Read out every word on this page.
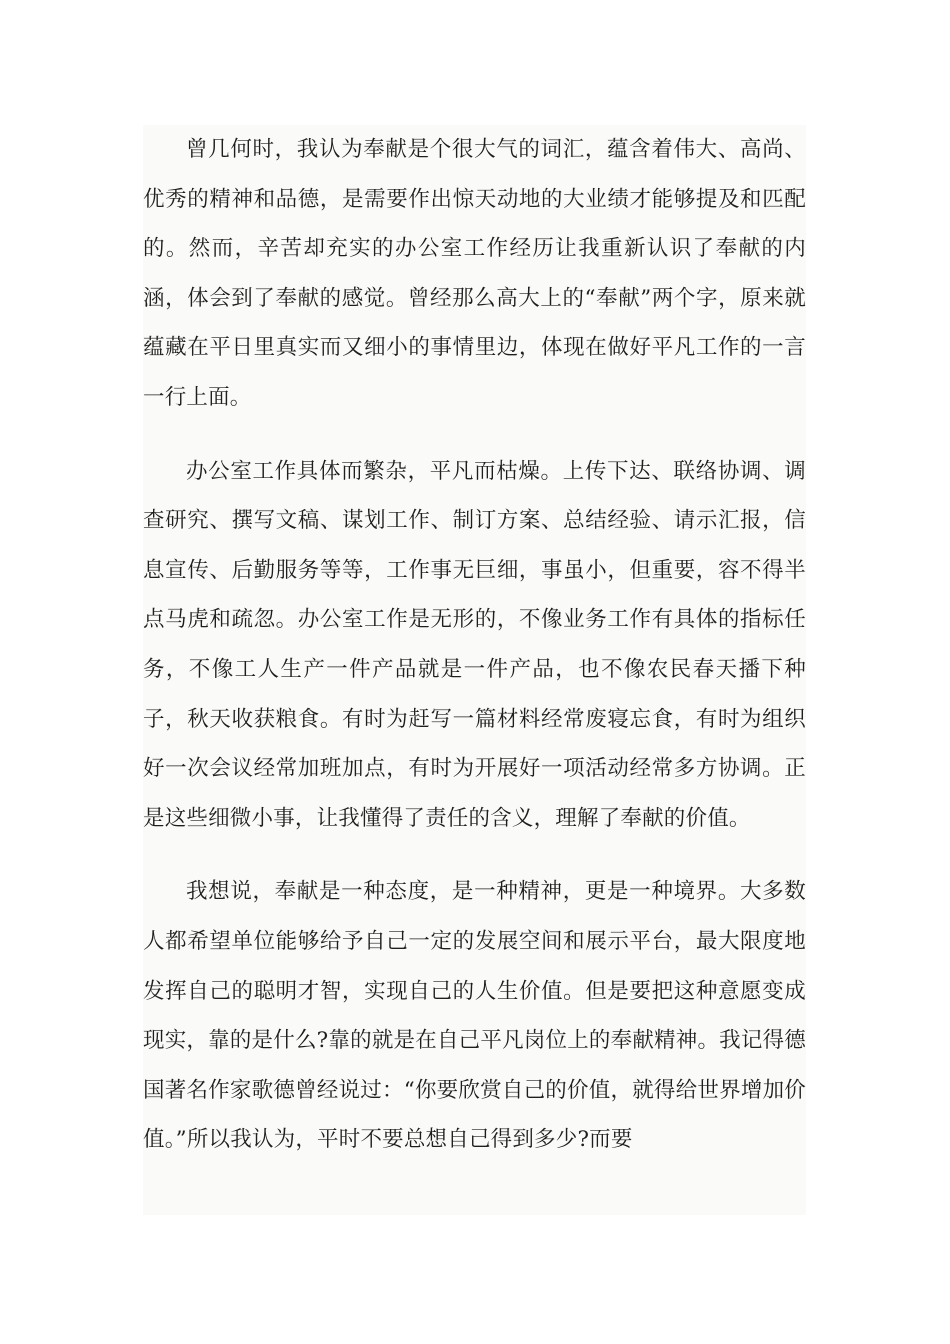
曾几何时，我认为奉献是个很大气的词汇，蕴含着伟大、高尚、优秀的精神和品德，是需要作出惊天动地的大业绩才能够提及和匹配的。然而，辛苦却充实的办公室工作经历让我重新认识了奉献的内涵，体会到了奉献的感觉。曾经那么高大上的“奉献”两个字，原来就蕴藏在平日里真实而又细小的事情里边，体现在做好平凡工作的一言一行上面。

办公室工作具体而繁杂，平凡而枯燥。上传下达、联络协调、调查研究、撰写文稿、谋划工作、制订方案、总结经验、请示汇报，信息宣传、后勤服务等等，工作事无巨细，事虽小，但重要，容不得半点马虎和疏忽。办公室工作是无形的，不像业务工作有具体的指标任务，不像工人生产一件产品就是一件产品，也不像农民春天播下种子，秋天收获粮食。有时为赶写一篇材料经常废寝忘食，有时为组织好一次会议经常加班加点，有时为开展好一项活动经常多方协调。正是这些细微小事，让我懂得了责任的含义，理解了奉献的价值。

我想说，奉献是一种态度，是一种精神，更是一种境界。大多数人都希望单位能够给予自己一定的发展空间和展示平台，最大限度地发挥自己的聪明才智，实现自己的人生价值。但是要把这种意愿变成现实，靠的是什么?靠的就是在自己平凡岗位上的奉献精神。我记得德国著名作家歌德曾经说过：“你要欣赏自己的价值，就得给世界增加价值。”所以我认为，平时不要总想自己得到多少?而要
